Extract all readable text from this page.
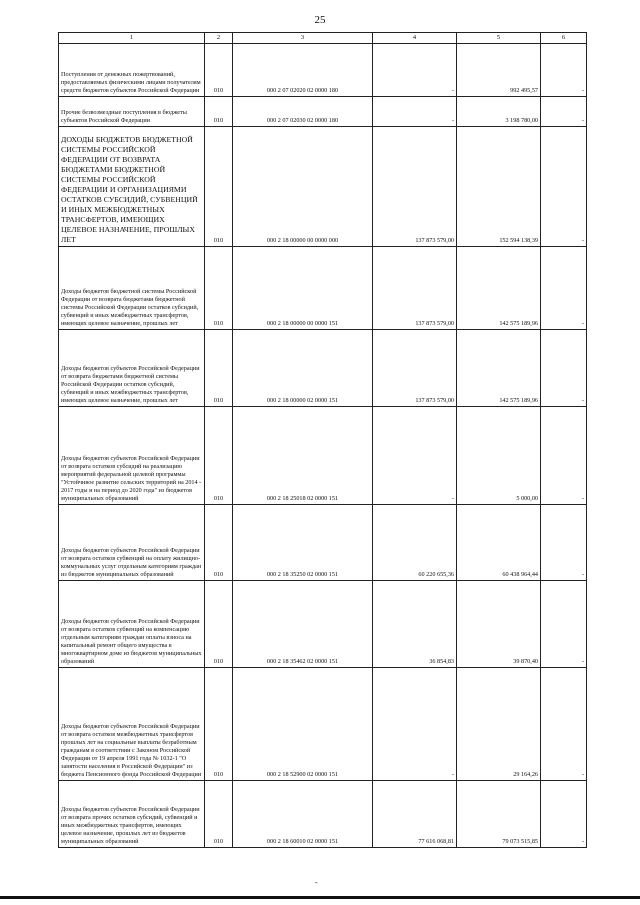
25
1	2	3	4	5	6
Поступления от денежных пожертвований, предоставляемых физическими лицами получателям средств бюджетов субъектов Российской Федерации	010	000 2 07 02020 02 0000 180	-	992 495,57	-
Прочие безвозмездные поступления в бюджеты субъектов Российской Федерации	010	000 2 07 02030 02 0000 180	-	3 198 780,00	-
ДОХОДЫ БЮДЖЕТОВ БЮДЖЕТНОЙ СИСТЕМЫ РОССИЙСКОЙ ФЕДЕРАЦИИ ОТ ВОЗВРАТА БЮДЖЕТАМИ БЮДЖЕТНОЙ СИСТЕМЫ РОССИЙСКОЙ ФЕДЕРАЦИИ И ОРГАНИЗАЦИЯМИ ОСТАТКОВ СУБСИДИЙ, СУБВЕНЦИЙ И ИНЫХ МЕЖБЮДЖЕТНЫХ ТРАНСФЕРТОВ, ИМЕЮЩИХ ЦЕЛЕВОЕ НАЗНАЧЕНИЕ, ПРОШЛЫХ ЛЕТ	010	000 2 18 00000 00 0000 000	137 873 579,00	152 594 138,39	-
Доходы бюджетов бюджетной системы Российской Федерации от возврата бюджетами бюджетной системы Российской Федерации остатков субсидий, субвенций и иных межбюджетных трансфертов, имеющих целевое назначение, прошлых лет	010	000 2 18 00000 00 0000 151	137 873 579,00	142 575 189,96	-
Доходы бюджетов субъектов Российской Федерации от возврата бюджетами бюджетной системы Российской Федерации остатков субсидий, субвенций и иных межбюджетных трансфертов, имеющих целевое назначение, прошлых лет	010	000 2 18 00000 02 0000 151	137 873 579,00	142 575 189,96	-
Доходы бюджетов субъектов Российской Федерации от возврата остатков субсидий на реализацию мероприятий федеральной целевой программы "Устойчивое развитие сельских территорий на 2014 - 2017 годы и на период до 2020 года" из бюджетов муниципальных образований	010	000 2 18 25018 02 0000 151	-	5 000,00	-
Доходы бюджетов субъектов Российской Федерации от возврата остатков субвенций на оплату жилищно-коммунальных услуг отдельным категориям граждан из бюджетов муниципальных образований	010	000 2 18 35250 02 0000 151	60 220 655,36	60 438 964,44	-
Доходы бюджетов субъектов Российской Федерации от возврата остатков субвенций на компенсацию отдельным категориям граждан оплаты взноса на капитальный ремонт общего имущества в многоквартирном доме из бюджетов муниципальных образований	010	000 2 18 35462 02 0000 151	36 854,83	39 870,40	-
Доходы бюджетов субъектов Российской Федерации от возврата остатков межбюджетных трансфертов прошлых лет на социальные выплаты безработным гражданам в соответствии с Законом Российской Федерации от 19 апреля 1991 года № 1032-1 "О занятости населения в Российской Федерации" из бюджета Пенсионного фонда Российской Федерации	010	000 2 18 52900 02 0000 151	-	29 164,26	-
Доходы бюджетов субъектов Российской Федерации от возврата прочих остатков субсидий, субвенций и иных межбюджетных трансфертов, имеющих целевое назначение, прошлых лет из бюджетов муниципальных образований	010	000 2 18 60010 02 0000 151	77 616 068,81	79 073 515,85	-
-
